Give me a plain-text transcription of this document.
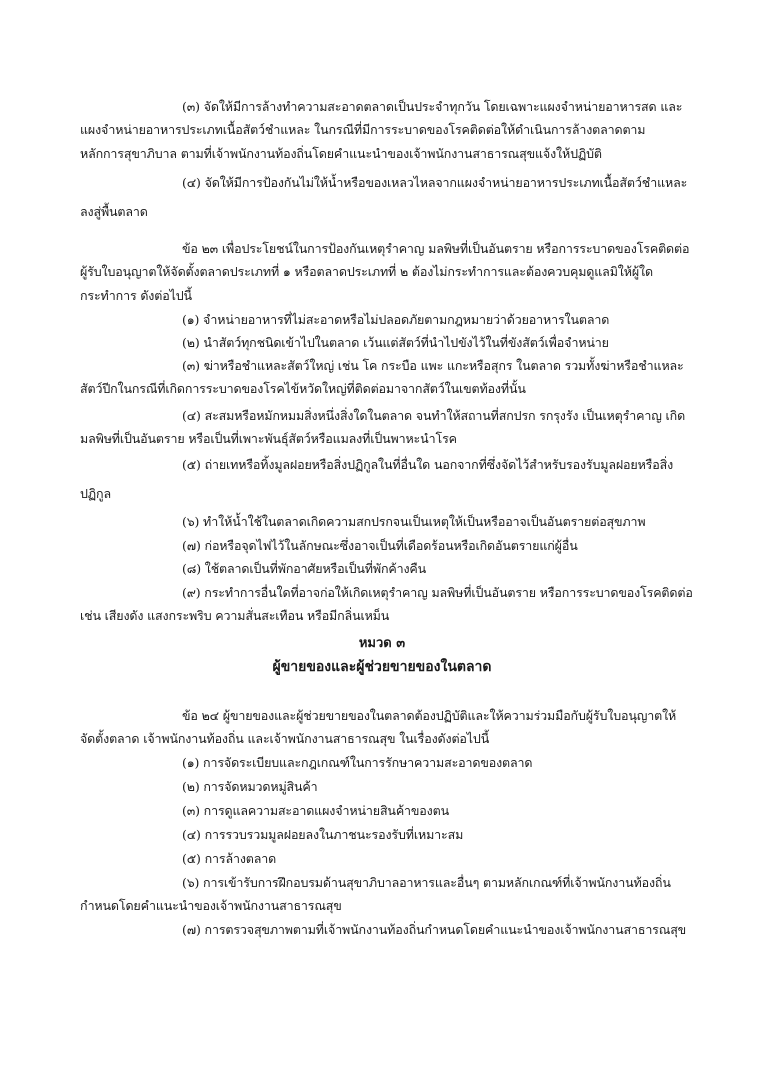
(๓) จัดให้มีการล้างทำความสะอาดตลาดเป็นประจำทุกวัน โดยเฉพาะแผงจำหน่ายอาหารสด และ
แผงจำหน่ายอาหารประเภทเนื้อสัตว์ชำแหละ ในกรณีที่มีการระบาดของโรคติดต่อให้ดำเนินการล้างตลาดตาม
หลักการสุขาภิบาล ตามที่เจ้าพนักงานท้องถิ่นโดยคำแนะนำของเจ้าพนักงานสาธารณสุขแจ้งให้ปฏิบัติ
(๔) จัดให้มีการป้องกันไม่ให้น้ำหรือของเหลวไหลจากแผงจำหน่ายอาหารประเภทเนื้อสัตว์ชำแหละ
ลงสู่พื้นตลาด
ข้อ ๒๓ เพื่อประโยชน์ในการป้องกันเหตุรำคาญ มลพิษที่เป็นอันตราย หรือการระบาดของโรคติดต่อ
ผู้รับใบอนุญาตให้จัดตั้งตลาดประเภทที่ ๑ หรือตลาดประเภทที่ ๒ ต้องไม่กระทำการและต้องควบคุมดูแลมิให้ผู้ใด
กระทำการ ดังต่อไปนี้
(๑) จำหน่ายอาหารที่ไม่สะอาดหรือไม่ปลอดภัยตามกฎหมายว่าด้วยอาหารในตลาด
(๒) นำสัตว์ทุกชนิดเข้าไปในตลาด เว้นแต่สัตว์ที่นำไปขังไว้ในที่ขังสัตว์เพื่อจำหน่าย
(๓) ฆ่าหรือชำแหละสัตว์ใหญ่ เช่น โค กระบือ แพะ แกะหรือสุกร ในตลาด รวมทั้งฆ่าหรือชำแหละ
สัตว์ปีกในกรณีที่เกิดการระบาดของโรคไข้หวัดใหญ่ที่ติดต่อมาจากสัตว์ในเขตท้องที่นั้น
(๔) สะสมหรือหมักหมมสิ่งหนึ่งสิ่งใดในตลาด จนทำให้สถานที่สกปรก รกรุงรัง เป็นเหตุรำคาญ เกิด
มลพิษที่เป็นอันตราย หรือเป็นที่เพาะพันธุ์สัตว์หรือแมลงที่เป็นพาหะนำโรค
(๕) ถ่ายเทหรือทิ้งมูลฝอยหรือสิ่งปฏิกูลในที่อื่นใด นอกจากที่ซึ่งจัดไว้สำหรับรองรับมูลฝอยหรือสิ่ง
ปฏิกูล
(๖) ทำให้น้ำใช้ในตลาดเกิดความสกปรกจนเป็นเหตุให้เป็นหรืออาจเป็นอันตรายต่อสุขภาพ
(๗) ก่อหรือจุดไฟไว้ในลักษณะซึ่งอาจเป็นที่เดือดร้อนหรือเกิดอันตรายแก่ผู้อื่น
(๘) ใช้ตลาดเป็นที่พักอาศัยหรือเป็นที่พักค้างคืน
(๙) กระทำการอื่นใดที่อาจก่อให้เกิดเหตุรำคาญ มลพิษที่เป็นอันตราย หรือการระบาดของโรคติดต่อ
เช่น เสียงดัง แสงกระพริบ ความสั่นสะเทือน หรือมีกลิ่นเหม็น
หมวด ๓
ผู้ขายของและผู้ช่วยขายของในตลาด
ข้อ ๒๔ ผู้ขายของและผู้ช่วยขายของในตลาดต้องปฏิบัติและให้ความร่วมมือกับผู้รับใบอนุญาตให้
จัดตั้งตลาด เจ้าพนักงานท้องถิ่น และเจ้าพนักงานสาธารณสุข ในเรื่องดังต่อไปนี้
(๑) การจัดระเบียบและกฎเกณฑ์ในการรักษาความสะอาดของตลาด
(๒) การจัดหมวดหมู่สินค้า
(๓) การดูแลความสะอาดแผงจำหน่ายสินค้าของตน
(๔) การรวบรวมมูลฝอยลงในภาชนะรองรับที่เหมาะสม
(๕) การล้างตลาด
(๖) การเข้ารับการฝึกอบรมด้านสุขาภิบาลอาหารและอื่นๆ ตามหลักเกณฑ์ที่เจ้าพนักงานท้องถิ่น
กำหนดโดยคำแนะนำของเจ้าพนักงานสาธารณสุข
(๗) การตรวจสุขภาพตามที่เจ้าพนักงานท้องถิ่นกำหนดโดยคำแนะนำของเจ้าพนักงานสาธารณสุข
